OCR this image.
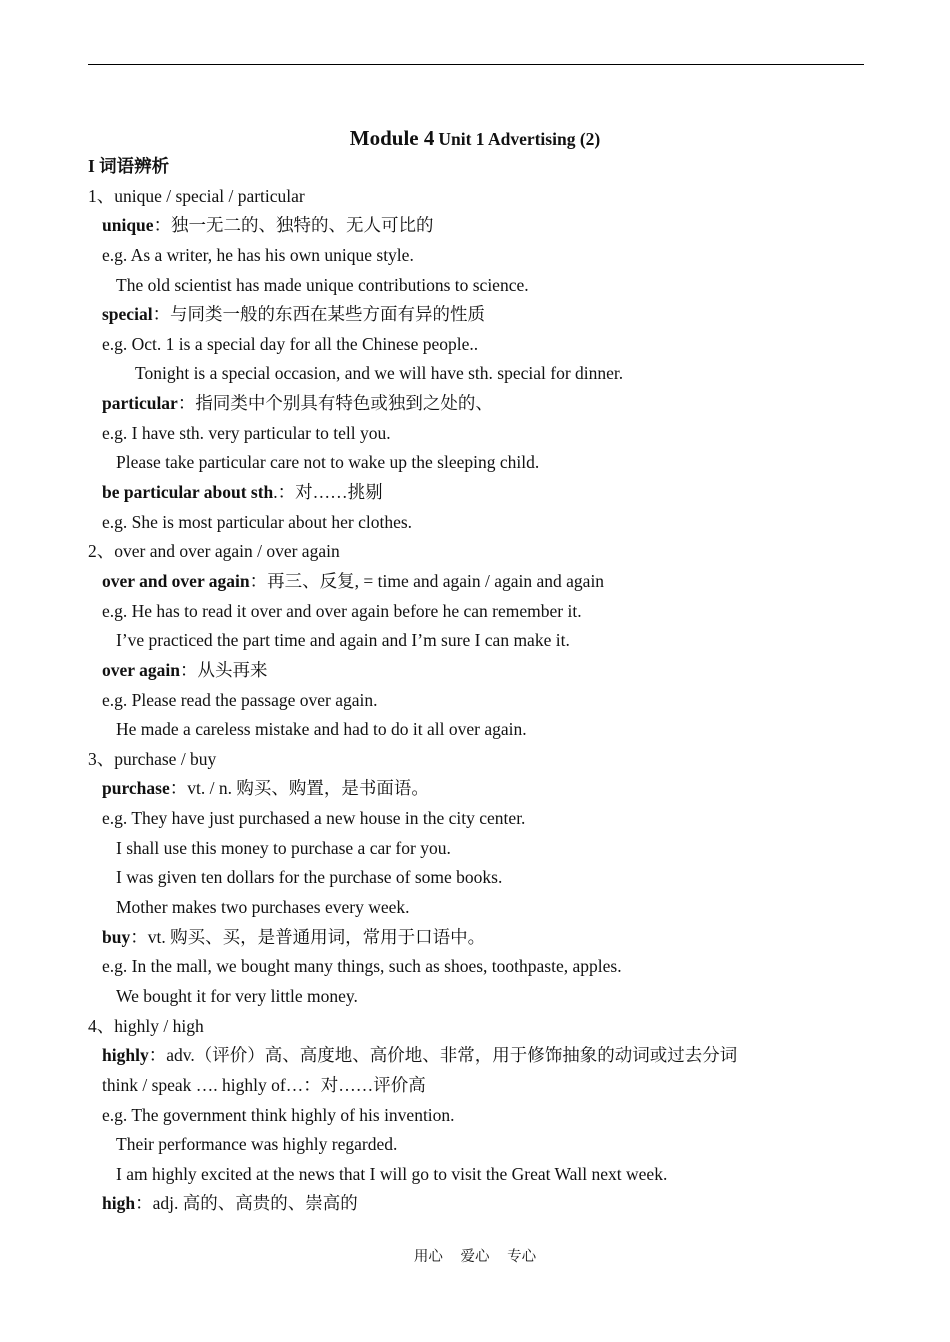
Module 4 Unit 1 Advertising (2)
I 词语辨析
1、unique / special / particular
unique：独一无二的、独特的、无人可比的
e.g. As a writer, he has his own unique style.
The old scientist has made unique contributions to science.
special：与同类一般的东西在某些方面有异的性质
e.g. Oct. 1 is a special day for all the Chinese people..
Tonight is a special occasion, and we will have sth. special for dinner.
particular：指同类中个别具有特色或独到之处的、
e.g. I have sth. very particular to tell you.
Please take particular care not to wake up the sleeping child.
be particular about sth.：对……挑剔
e.g. She is most particular about her clothes.
2、over and over again / over again
over and over again：再三、反复, = time and again / again and again
e.g. He has to read it over and over again before he can remember it.
I’ve practiced the part time and again and I’m sure I can make it.
over again：从头再来
e.g. Please read the passage over again.
He made a careless mistake and had to do it all over again.
3、purchase / buy
purchase：vt. / n. 购买、购置，是书面语。
e.g. They have just purchased a new house in the city center.
I shall use this money to purchase a car for you.
I was given ten dollars for the purchase of some books.
Mother makes two purchases every week.
buy：vt. 购买、买，是普通用词，常用于口语中。
e.g. In the mall, we bought many things, such as shoes, toothpaste, apples.
We bought it for very little money.
4、highly / high
highly：adv.（评价）高、高度地、高价地、非常，用于修饰抽象的动词或过去分词
think / speak …. highly of…：对……评价高
e.g. The government think highly of his invention.
Their performance was highly regarded.
I am highly excited at the news that I will go to visit the Great Wall next week.
high：adj. 高的、高贵的、崇高的
用心 爱心 专心
